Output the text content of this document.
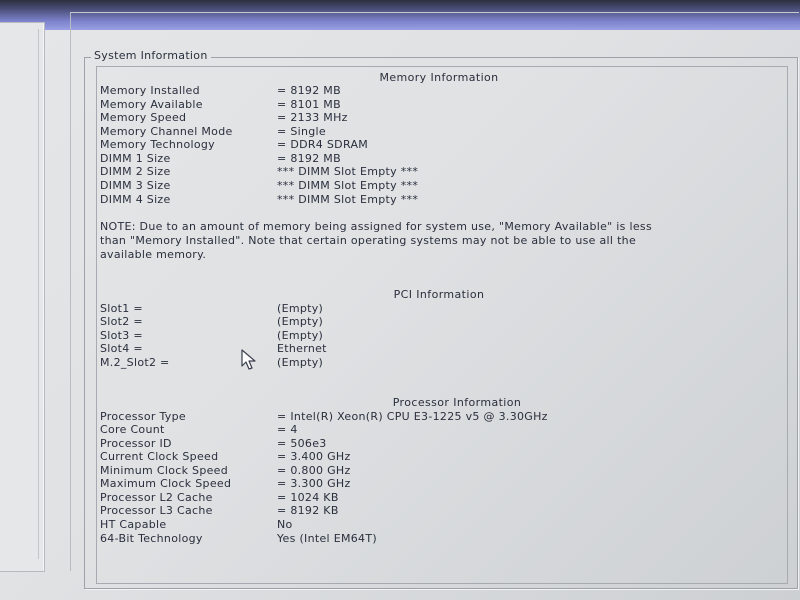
System Information
Memory Information
Memory Installed	= 8192 MB
Memory Available	= 8101 MB
Memory Speed	= 2133 MHz
Memory Channel Mode	= Single
Memory Technology	= DDR4 SDRAM
DIMM 1 Size	= 8192 MB
DIMM 2 Size	*** DIMM Slot Empty ***
DIMM 3 Size	*** DIMM Slot Empty ***
DIMM 4 Size	*** DIMM Slot Empty ***
NOTE: Due to an amount of memory being assigned for system use, "Memory Available" is less
than "Memory Installed". Note that certain operating systems may not be able to use all the
available memory.
PCI Information
Slot1 =	(Empty)
Slot2 =	(Empty)
Slot3 =	(Empty)
Slot4 =	Ethernet
M.2_Slot2 =	(Empty)
Processor Information
Processor Type	= Intel(R) Xeon(R) CPU E3-1225 v5 @ 3.30GHz
Core Count	= 4
Processor ID	= 506e3
Current Clock Speed	= 3.400 GHz
Minimum Clock Speed	= 0.800 GHz
Maximum Clock Speed	= 3.300 GHz
Processor L2 Cache	= 1024 KB
Processor L3 Cache	= 8192 KB
HT Capable	No
64-Bit Technology	Yes (Intel EM64T)
